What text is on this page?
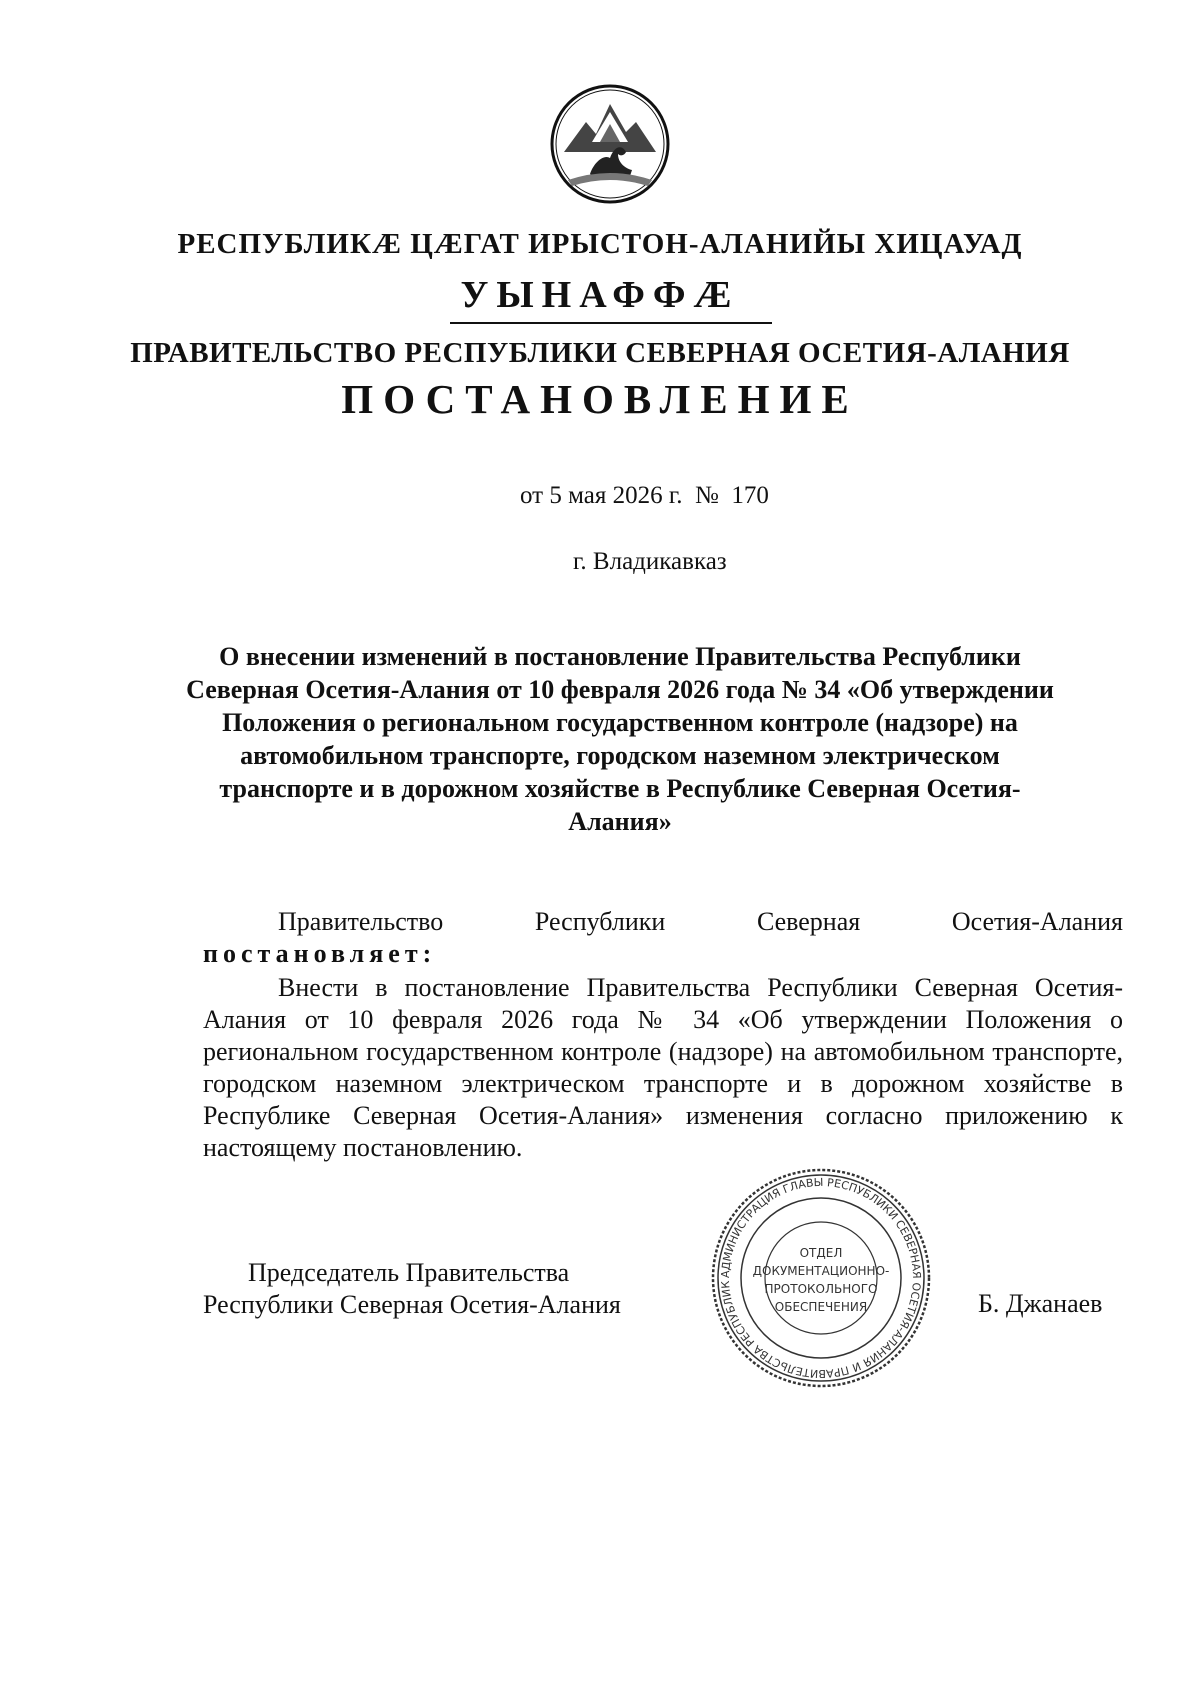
РЕСПУБЛИКÆ ЦÆГАТ ИРЫСТОН-АЛАНИЙЫ ХИЦАУАД
УЫНАФФÆ
ПРАВИТЕЛЬСТВО РЕСПУБЛИКИ СЕВЕРНАЯ ОСЕТИЯ-АЛАНИЯ
ПОСТАНОВЛЕНИЕ
от 5 мая 2026 г.  №  170
г. Владикавказ
О внесении изменений в постановление Правительства Республики Северная Осетия-Алания от 10 февраля 2026 года № 34 «Об утверждении Положения о региональном государственном контроле (надзоре) на автомобильном транспорте, городском наземном электрическом транспорте и в дорожном хозяйстве в Республике Северная Осетия-Алания»
Правительство	Республики	Северная	Осетия-Алания
постановляет:
Внести в постановление Правительства Республики Северная Осетия-Алания от 10 февраля 2026 года № 34 «Об утверждении Положения о региональном государственном контроле (надзоре) на автомобильном транспорте, городском наземном электрическом транспорте и в дорожном хозяйстве в Республике Северная Осетия-Алания» изменения согласно приложению к настоящему постановлению.
Председатель Правительства
Республики Северная Осетия-Алания	Б. Джанаев
АДМИНИСТРАЦИЯ ГЛАВЫ РЕСПУБЛИКИ СЕВЕРНАЯ ОСЕТИЯ-АЛАНИЯ И ПРАВИТЕЛЬСТВА РЕСПУБЛИК
ОТДЕЛ
ДОКУМЕНТАЦИОННО-
ПРОТОКОЛЬНОГО
ОБЕСПЕЧЕНИЯ
